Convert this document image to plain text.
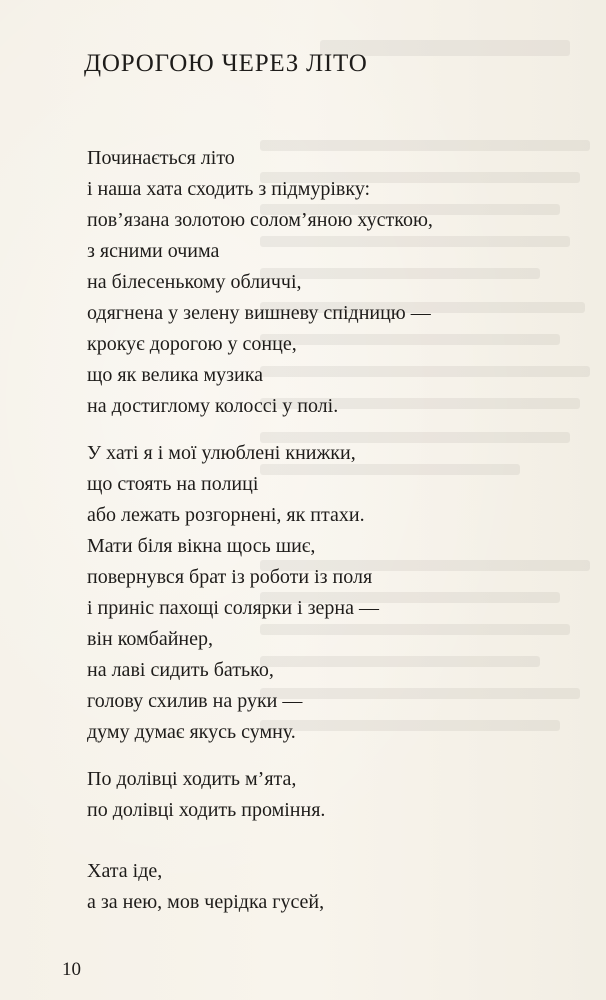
ДОРОГОЮ ЧЕРЕЗ ЛІТО
Починається літо
і наша хата сходить з підмурівку:
пов’язана золотою солом’яною хусткою,
з ясними очима
на білесенькому обличчі,
одягнена у зелену вишневу спідницю —
крокує дорогою у сонце,
що як велика музика
на достиглому колоссі у полі.
У хаті я і мої улюблені книжки,
що стоять на полиці
або лежать розгорнені, як птахи.
Мати біля вікна щось шиє,
повернувся брат із роботи із поля
і приніс пахощі солярки і зерна —
він комбайнер,
на лаві сидить батько,
голову схилив на руки —
думу думає якусь сумну.
По долівці ходить м’ята,
по долівці ходить проміння.
Хата іде,
а за нею, мов черідка гусей,
10
